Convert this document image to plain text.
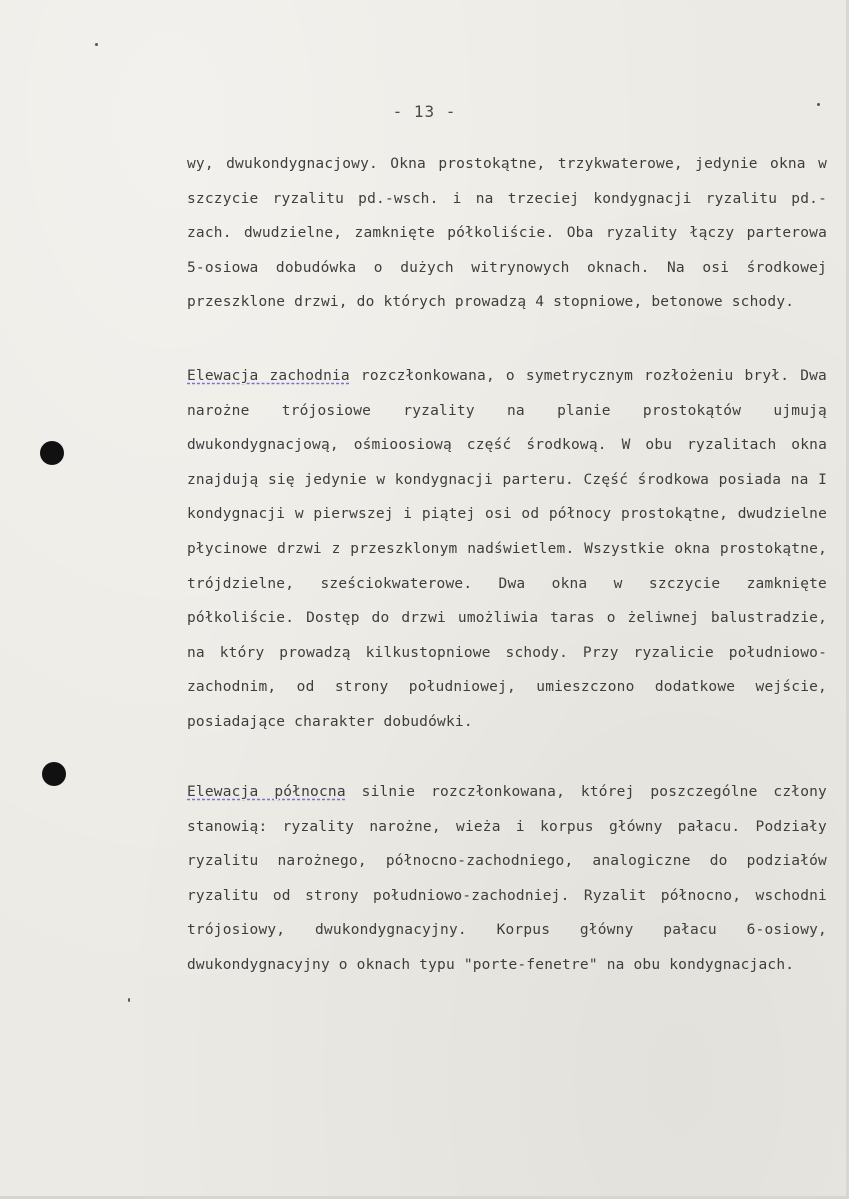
- 13 -
wy, dwukondygnacjowy. Okna prostokątne, trzykwaterowe, jedynie okna w szczycie ryzalitu pd.-wsch. i na trzeciej kondygnacji ryzalitu pd.-zach. dwudzielne, zamknięte półkoliście. Oba ryzality łączy parterowa 5-osiowa dobudówka o dużych witrynowych oknach. Na osi środkowej przeszklone drzwi, do których prowadzą 4 stopniowe, betonowe schody.
Elewacja zachodnia rozczłonkowana, o symetrycznym rozłożeniu brył. Dwa narożne trójosiowe ryzality na planie prostokątów ujmują dwukondygnacjową, ośmioosiową część środkową. W obu ryzalitach okna znajdują się jedynie w kondygnacji parteru. Część środkowa posiada na I kondygnacji w pierwszej i piątej osi od północy prostokątne, dwudzielne płycinowe drzwi z przeszklonym nadświetlem. Wszystkie okna prostokątne, trójdzielne, sześciokwaterowe. Dwa okna w szczycie zamknięte półkoliście. Dostęp do drzwi umożliwia taras o żeliwnej balustradzie, na który prowadzą kilkustopniowe schody. Przy ryzalicie południowo-zachodnim, od strony południowej, umieszczono dodatkowe wejście, posiadające charakter dobudówki.
Elewacja północna silnie rozczłonkowana, której poszczególne człony stanowią: ryzality narożne, wieża i korpus główny pałacu. Podziały ryzalitu narożnego, północno-zachodniego, analogiczne do podziałów ryzalitu od strony południowo-zachodniej. Ryzalit północno, wschodni trójosiowy, dwukondygnacyjny. Korpus główny pałacu 6-osiowy, dwukondygnacyjny o oknach typu "porte-fenetre" na obu kondygnacjach.
